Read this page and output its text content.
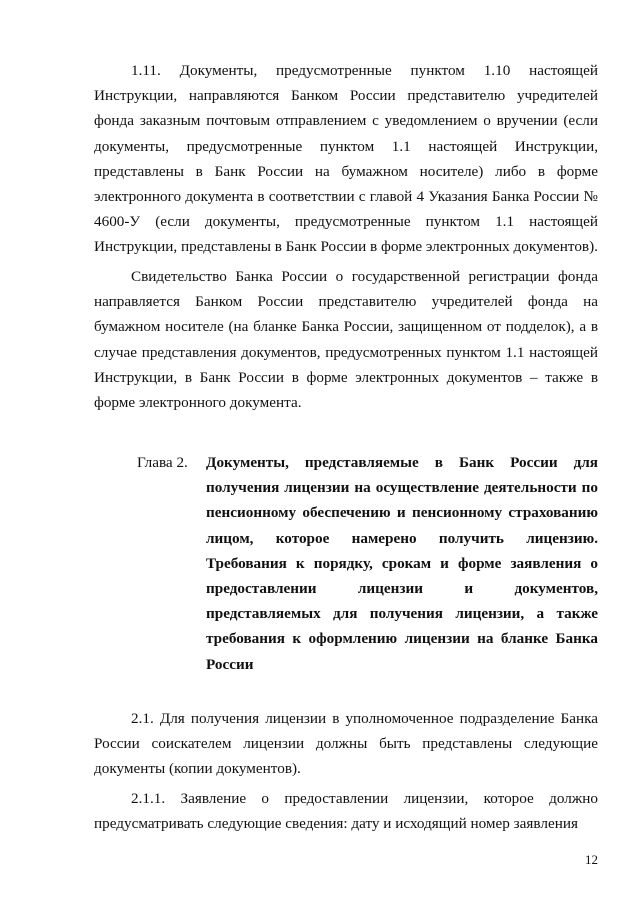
1.11. Документы, предусмотренные пунктом 1.10 настоящей Инструкции, направляются Банком России представителю учредителей фонда заказным почтовым отправлением с уведомлением о вручении (если документы, предусмотренные пунктом 1.1 настоящей Инструкции, представлены в Банк России на бумажном носителе) либо в форме электронного документа в соответствии с главой 4 Указания Банка России № 4600-У (если документы, предусмотренные пунктом 1.1 настоящей Инструкции, представлены в Банк России в форме электронных документов).

Свидетельство Банка России о государственной регистрации фонда направляется Банком России представителю учредителей фонда на бумажном носителе (на бланке Банка России, защищенном от подделок), а в случае представления документов, предусмотренных пунктом 1.1 настоящей Инструкции, в Банк России в форме электронных документов – также в форме электронного документа.

Глава 2.	Документы, представляемые в Банк России для получения лицензии на осуществление деятельности по пенсионному обеспечению и пенсионному страхованию лицом, которое намерено получить лицензию. Требования к порядку, срокам и форме заявления о предоставлении лицензии и документов, представляемых для получения лицензии, а также требования к оформлению лицензии на бланке Банка России

2.1. Для получения лицензии в уполномоченное подразделение Банка России соискателем лицензии должны быть представлены следующие документы (копии документов).

2.1.1. Заявление о предоставлении лицензии, которое должно предусматривать следующие сведения: дату и исходящий номер заявления

12
